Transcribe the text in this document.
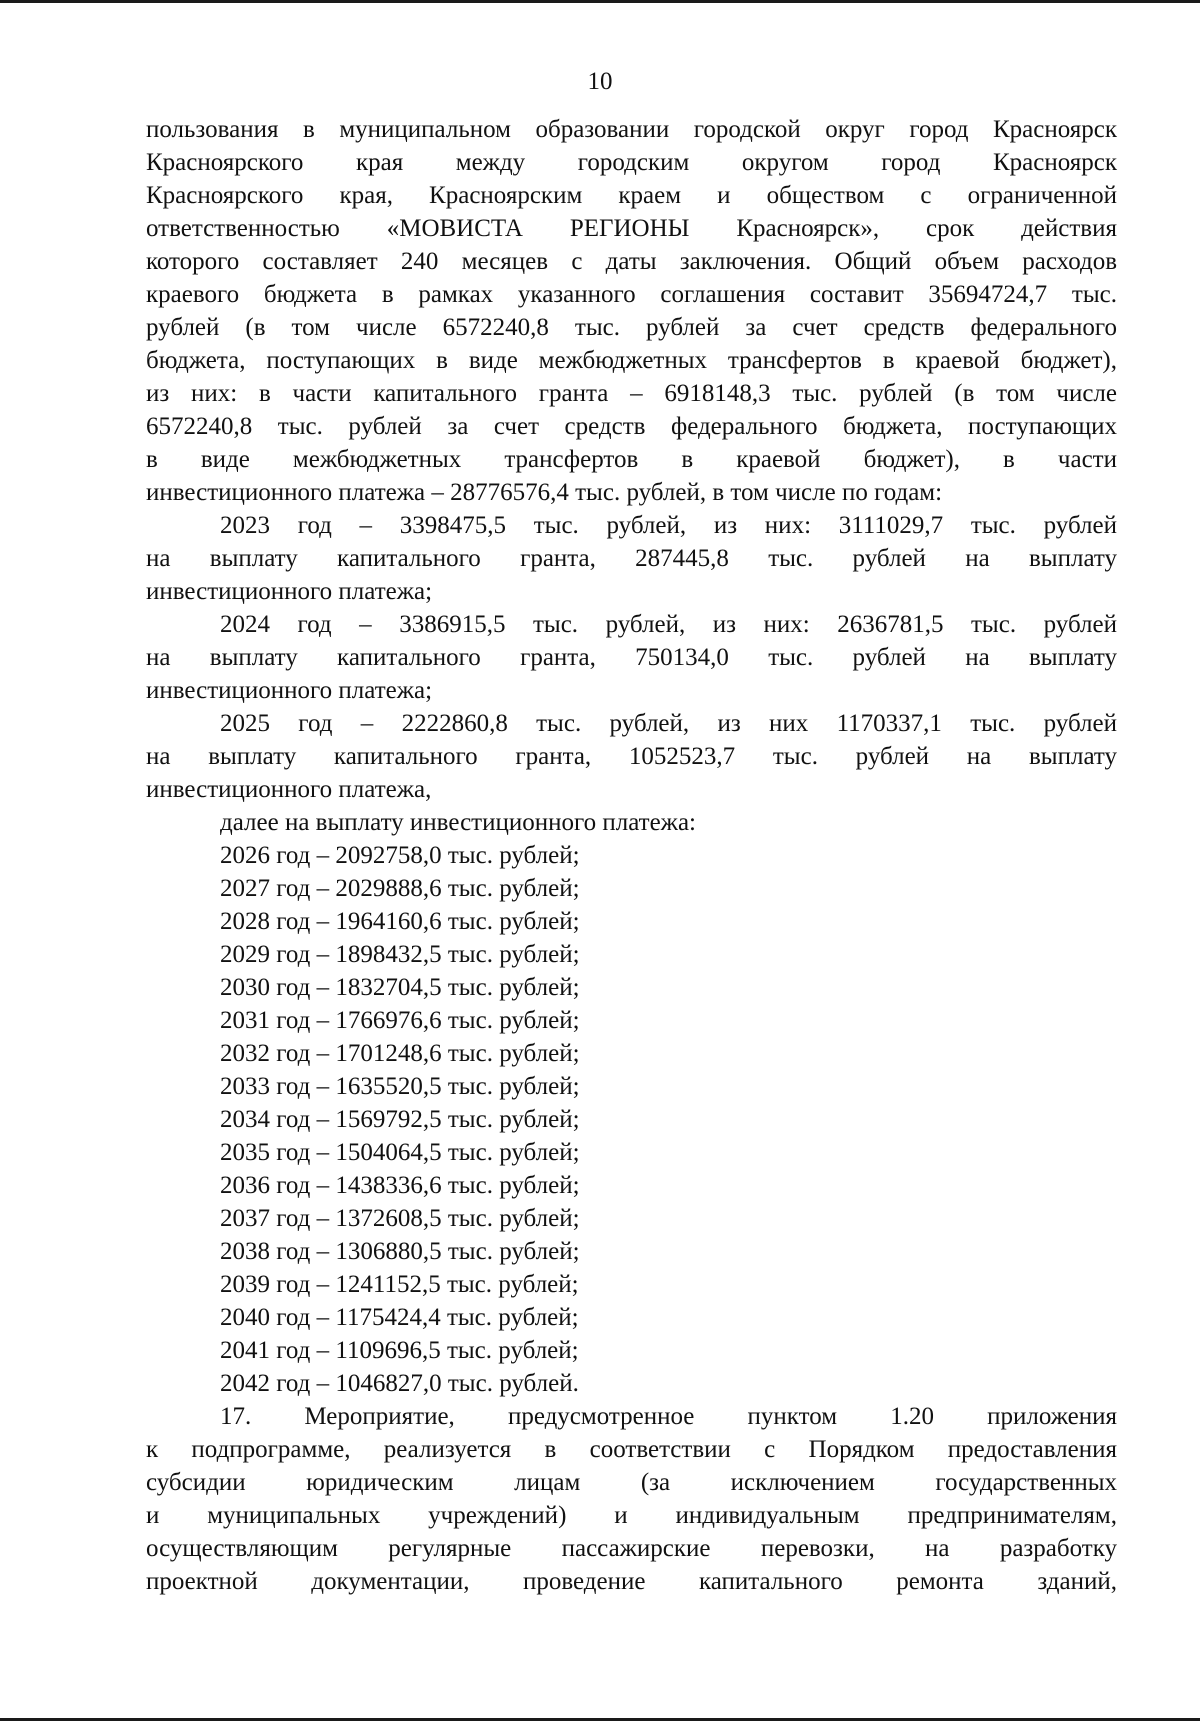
10
пользования в муниципальном образовании городской округ город Красноярск
Красноярского края между городским округом город Красноярск
Красноярского края, Красноярским краем и обществом с ограниченной
ответственностью «МОВИСТА РЕГИОНЫ Красноярск», срок действия
которого составляет 240 месяцев с даты заключения. Общий объем расходов
краевого бюджета в рамках указанного соглашения составит 35694724,7 тыс.
рублей (в том числе 6572240,8 тыс. рублей за счет средств федерального
бюджета, поступающих в виде межбюджетных трансфертов в краевой бюджет),
из них: в части капитального гранта – 6918148,3 тыс. рублей (в том числе
6572240,8 тыс. рублей за счет средств федерального бюджета, поступающих
в виде межбюджетных трансфертов в краевой бюджет), в части
инвестиционного платежа – 28776576,4 тыс. рублей, в том числе по годам:
2023 год – 3398475,5 тыс. рублей, из них: 3111029,7 тыс. рублей
на выплату капитального гранта, 287445,8 тыс. рублей на выплату
инвестиционного платежа;
2024 год – 3386915,5 тыс. рублей, из них: 2636781,5 тыс. рублей
на выплату капитального гранта, 750134,0 тыс. рублей на выплату
инвестиционного платежа;
2025 год – 2222860,8 тыс. рублей, из них 1170337,1 тыс. рублей
на выплату капитального гранта, 1052523,7 тыс. рублей на выплату
инвестиционного платежа,
далее на выплату инвестиционного платежа:
2026 год – 2092758,0 тыс. рублей;
2027 год – 2029888,6 тыс. рублей;
2028 год – 1964160,6 тыс. рублей;
2029 год – 1898432,5 тыс. рублей;
2030 год – 1832704,5 тыс. рублей;
2031 год – 1766976,6 тыс. рублей;
2032 год – 1701248,6 тыс. рублей;
2033 год – 1635520,5 тыс. рублей;
2034 год – 1569792,5 тыс. рублей;
2035 год – 1504064,5 тыс. рублей;
2036 год – 1438336,6 тыс. рублей;
2037 год – 1372608,5 тыс. рублей;
2038 год – 1306880,5 тыс. рублей;
2039 год – 1241152,5 тыс. рублей;
2040 год – 1175424,4 тыс. рублей;
2041 год – 1109696,5 тыс. рублей;
2042 год – 1046827,0 тыс. рублей.
17. Мероприятие, предусмотренное пунктом 1.20 приложения
к подпрограмме, реализуется в соответствии с Порядком предоставления
субсидии юридическим лицам (за исключением государственных
и муниципальных учреждений) и индивидуальным предпринимателям,
осуществляющим регулярные пассажирские перевозки, на разработку
проектной документации, проведение капитального ремонта зданий,
